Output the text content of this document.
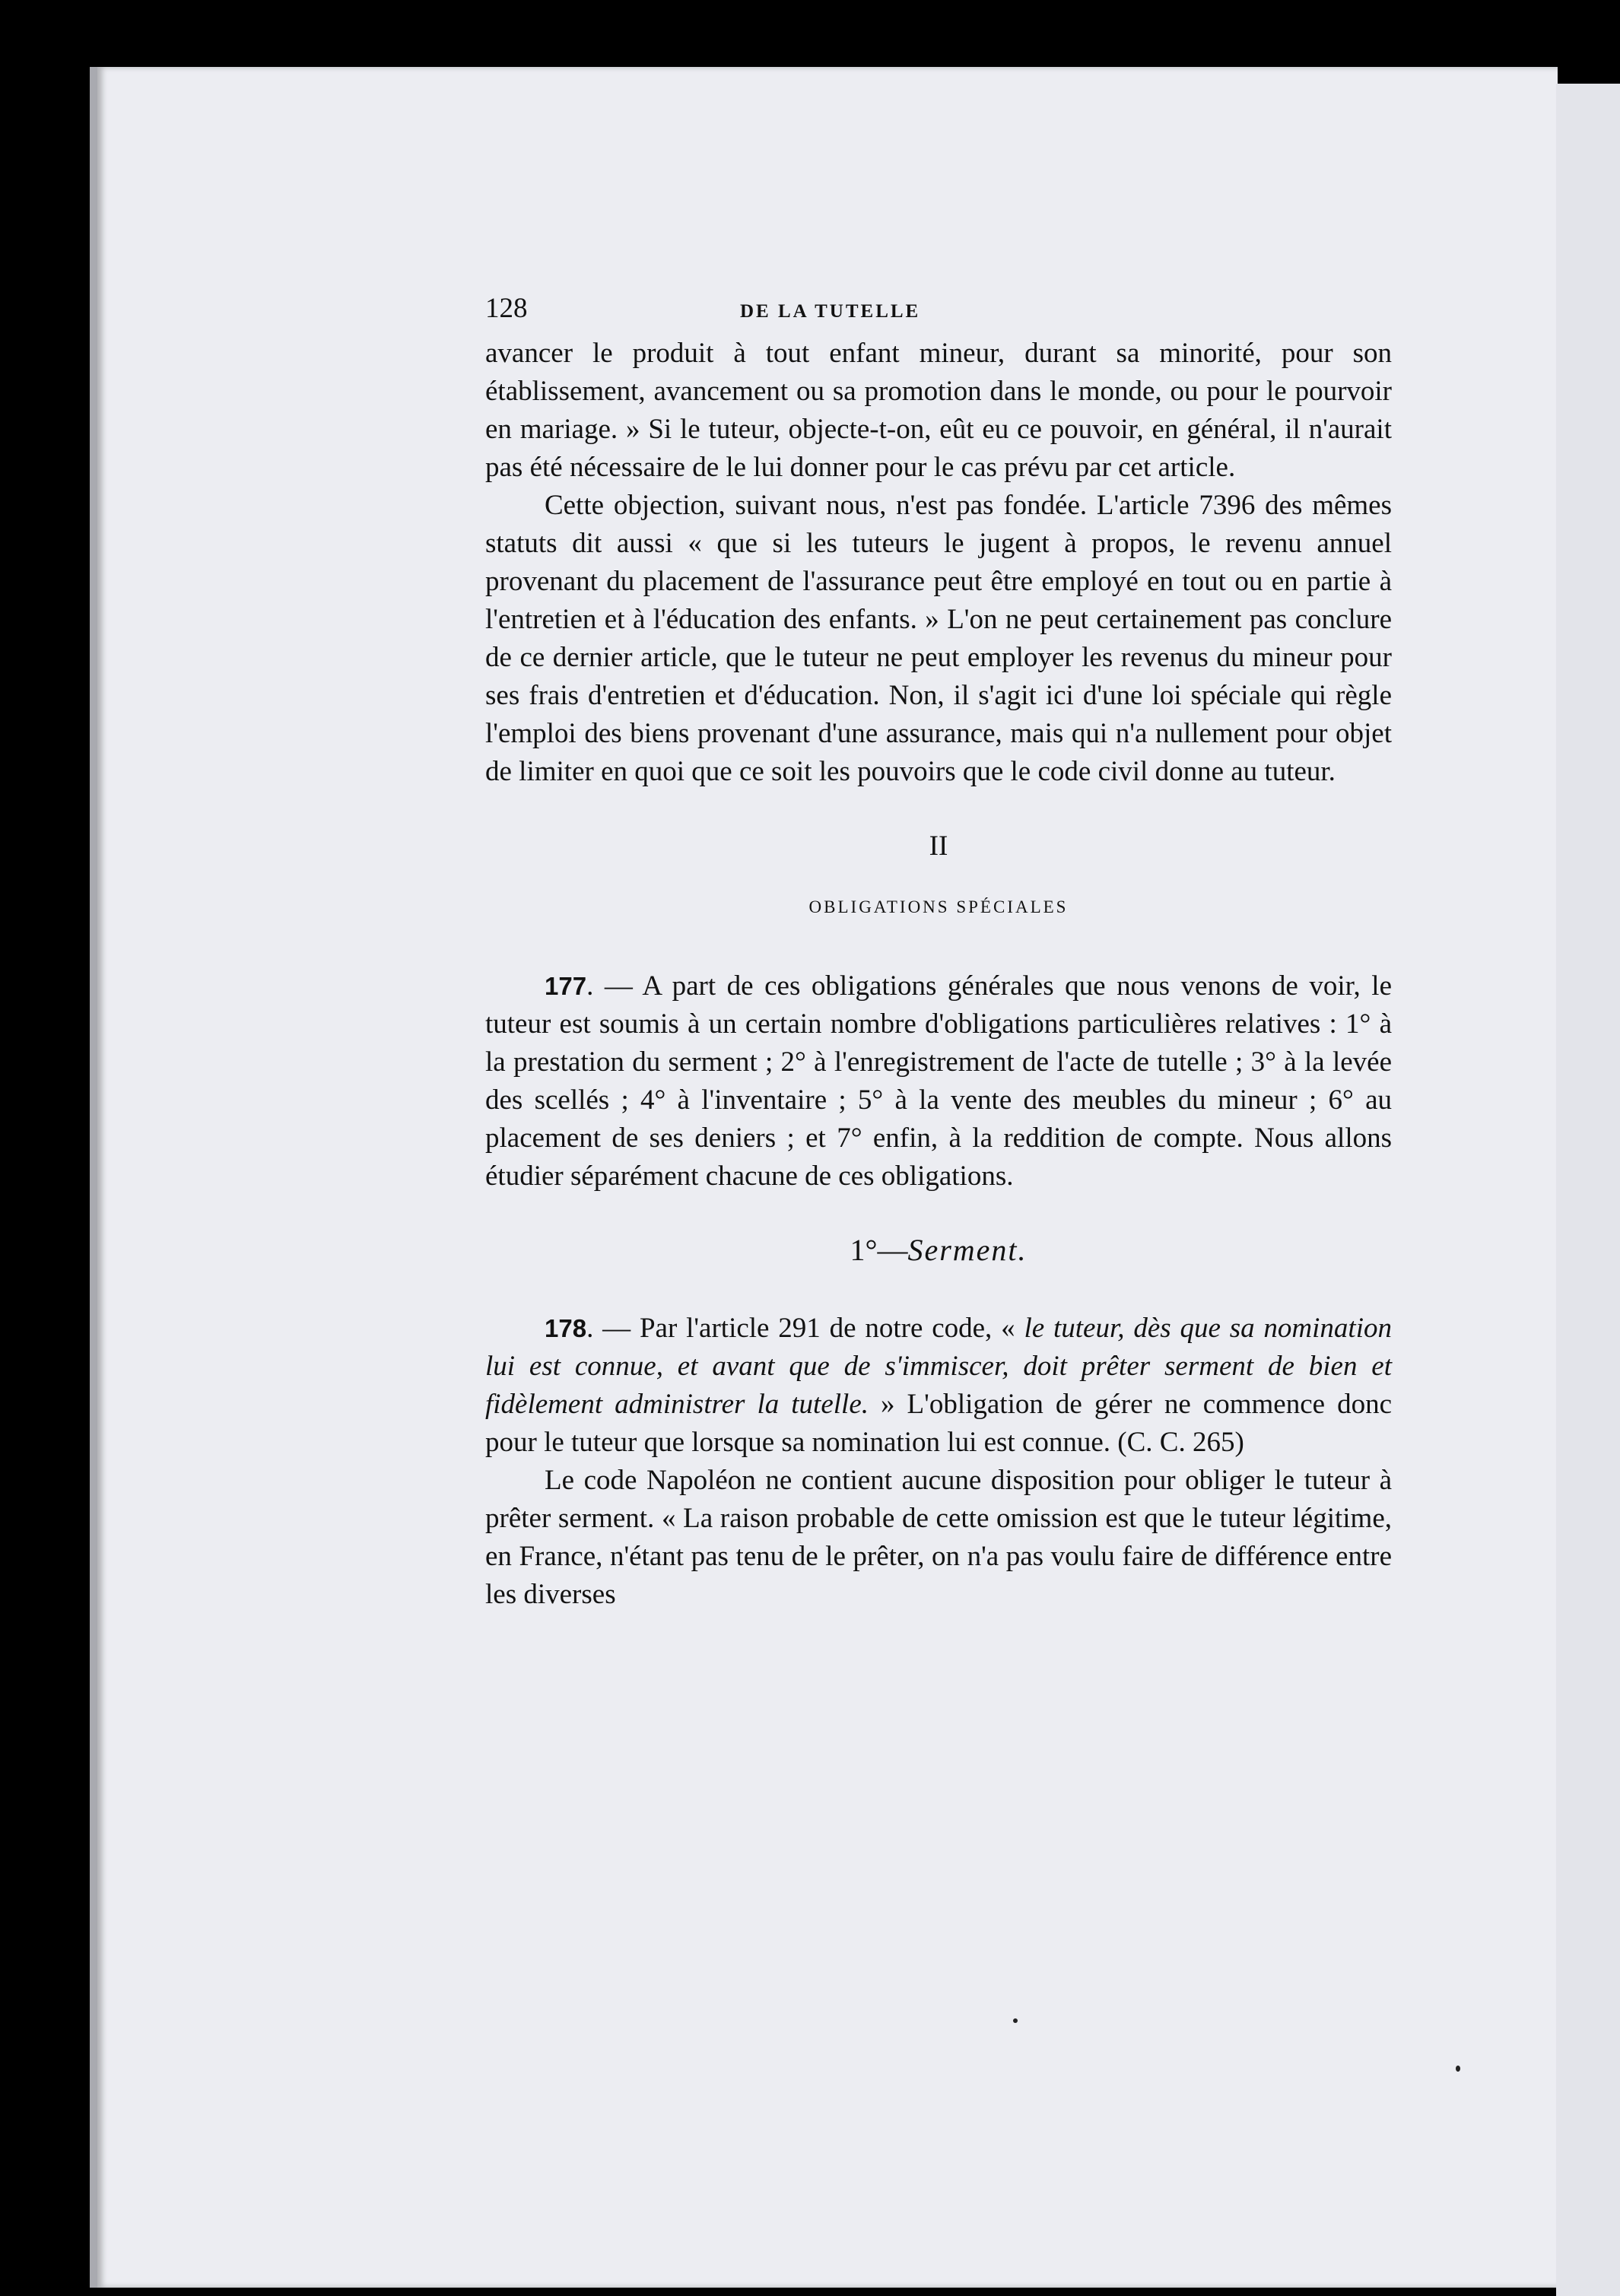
128	DE LA TUTELLE

avancer le produit à tout enfant mineur, durant sa minorité, pour son établissement, avancement ou sa promotion dans le monde, ou pour le pourvoir en mariage. » Si le tuteur, objecte-t-on, eût eu ce pouvoir, en général, il n'aurait pas été nécessaire de le lui donner pour le cas prévu par cet article.

Cette objection, suivant nous, n'est pas fondée. L'article 7396 des mêmes statuts dit aussi « que si les tuteurs le jugent à propos, le revenu annuel provenant du placement de l'assurance peut être employé en tout ou en partie à l'entretien et à l'éducation des enfants. » L'on ne peut certainement pas conclure de ce dernier article, que le tuteur ne peut employer les revenus du mineur pour ses frais d'entretien et d'éducation. Non, il s'agit ici d'une loi spéciale qui règle l'emploi des biens provenant d'une assurance, mais qui n'a nullement pour objet de limiter en quoi que ce soit les pouvoirs que le code civil donne au tuteur.

II
OBLIGATIONS SPÉCIALES

177. — A part de ces obligations générales que nous venons de voir, le tuteur est soumis à un certain nombre d'obligations particulières relatives : 1° à la prestation du serment ; 2° à l'enregistrement de l'acte de tutelle ; 3° à la levée des scellés ; 4° à l'inventaire ; 5° à la vente des meubles du mineur ; 6° au placement de ses deniers ; et 7° enfin, à la reddition de compte. Nous allons étudier séparément chacune de ces obligations.

1°—Serment.

178. — Par l'article 291 de notre code, « le tuteur, dès que sa nomination lui est connue, et avant que de s'immiscer, doit prêter serment de bien et fidèlement administrer la tutelle. » L'obligation de gérer ne commence donc pour le tuteur que lorsque sa nomination lui est connue. (C. C. 265)

Le code Napoléon ne contient aucune disposition pour obliger le tuteur à prêter serment. « La raison probable de cette omission est que le tuteur légitime, en France, n'étant pas tenu de le prêter, on n'a pas voulu faire de différence entre les diverses
